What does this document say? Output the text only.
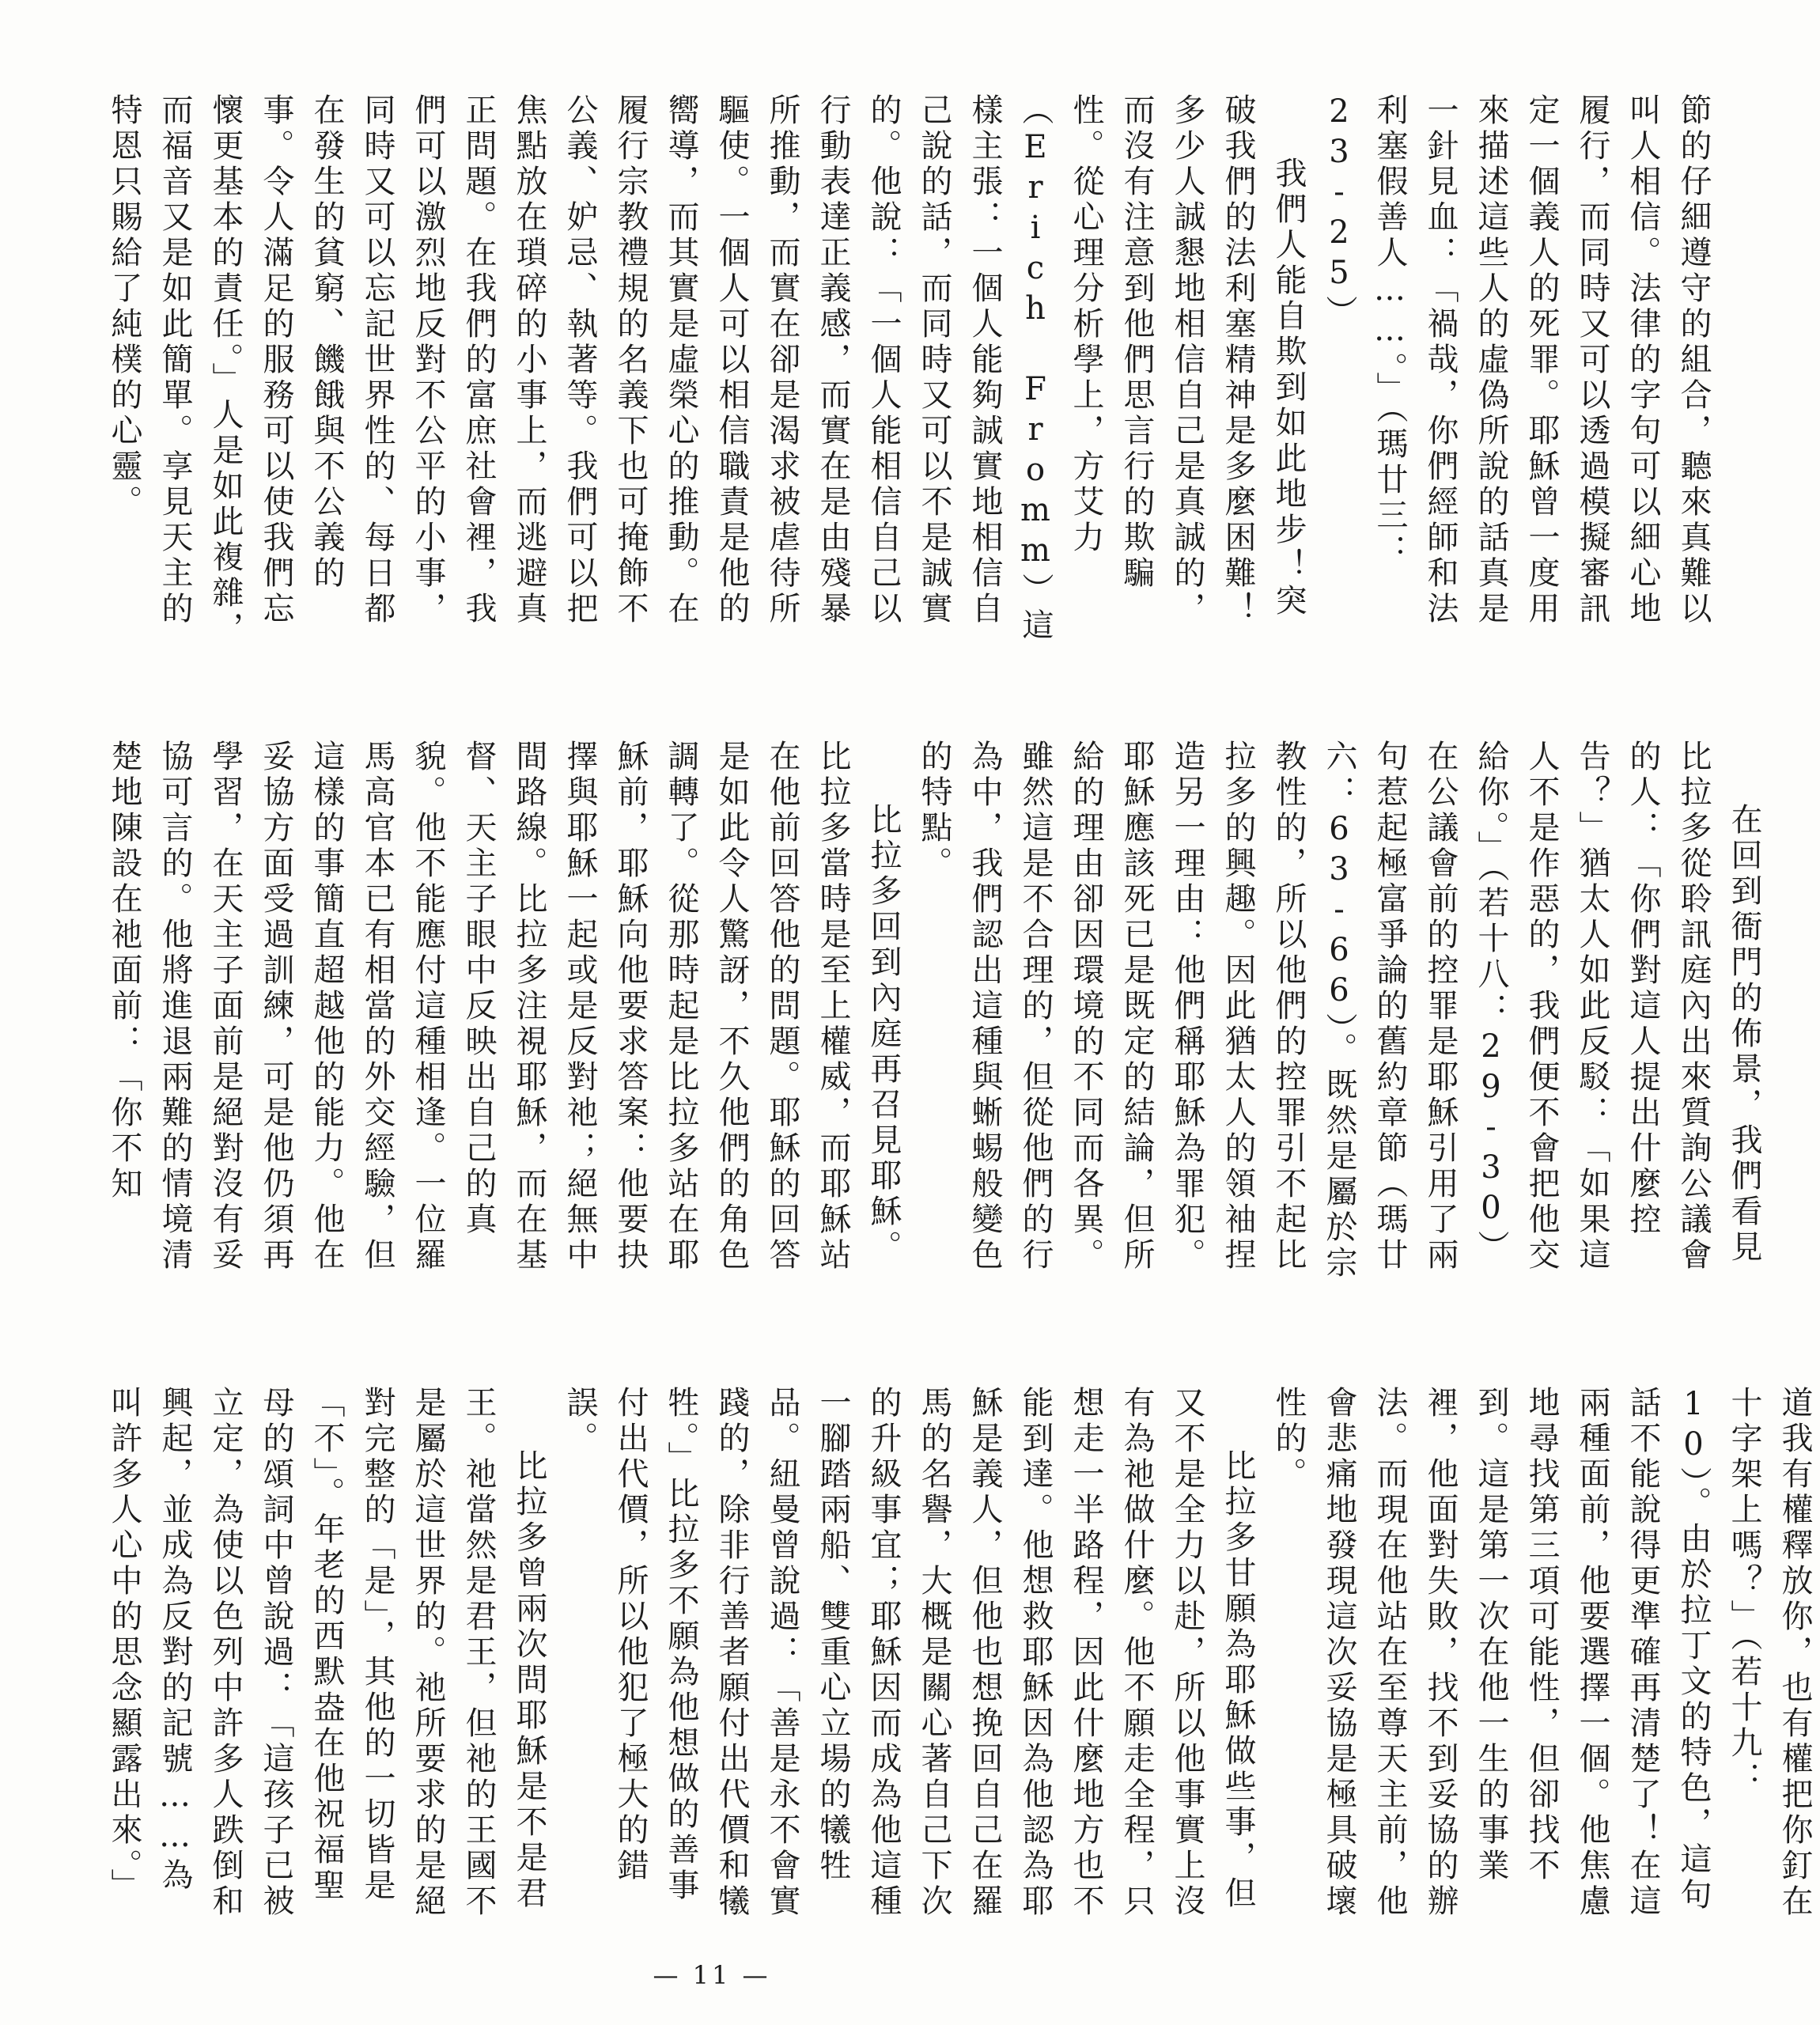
節的仔細遵守的組合，聽來真難以叫人相信。法律的字句可以細心地履行，而同時又可以透過模擬審訊定一個義人的死罪。耶穌曾一度用來描述這些人的虛偽所說的話真是一針見血：「禍哉，你們經師和法利塞假善人……。」（瑪廿三：23-25）

我們人能自欺到如此地步！突破我們的法利塞精神是多麼困難！多少人誠懇地相信自己是真誠的，而沒有注意到他們思言行的欺騙性。從心理分析學上，方艾力（Erich Fromm）這樣主張：一個人能夠誠實地相信自己說的話，而同時又可以不是誠實的。他說：「一個人能相信自己以行動表達正義感，而實在是由殘暴所推動，而實在卻是渴求被虐待所驅使。一個人可以相信職責是他的嚮導，而其實是虛榮心的推動。在履行宗教禮規的名義下也可掩飾不公義、妒忌、執著等。我們可以把焦點放在瑣碎的小事上，而逃避真正問題。在我們的富庶社會裡，我們可以激烈地反對不公平的小事，同時又可以忘記世界性的、每日都在發生的貧窮、饑餓與不公義的事。令人滿足的服務可以使我們忘懷更基本的責任。」人是如此複雜，而福音又是如此簡單。享見天主的特恩只賜給了純樸的心靈。

在回到衙門的佈景，我們看見比拉多從聆訊庭內出來質詢公議會的人：「你們對這人提出什麼控告？」猶太人如此反駁：「如果這人不是作惡的，我們便不會把他交給你。」（若十八：29-30）在公議會前的控罪是耶穌引用了兩句惹起極富爭論的舊約章節（瑪廿六：63-66）。既然是屬於宗教性的，所以他們的控罪引不起比拉多的興趣。因此猶太人的領袖捏造另一理由：他們稱耶穌為罪犯。耶穌應該死已是既定的結論，但所給的理由卻因環境的不同而各異。雖然這是不合理的，但從他們的行為中，我們認出這種與蜥蜴般變色的特點。

比拉多回到內庭再召見耶穌。比拉多當時是至上權威，而耶穌站在他前回答他的問題。耶穌的回答是如此令人驚訝，不久他們的角色調轉了。從那時起是比拉多站在耶穌前，耶穌向他要求答案：他要抉擇與耶穌一起或是反對祂；絕無中間路線。比拉多注視耶穌，而在基督、天主子眼中反映出自己的真貌。他不能應付這種相逢。一位羅馬高官本已有相當的外交經驗，但這樣的事簡直超越他的能力。他在妥協方面受過訓練，可是他仍須再學習，在天主子面前是絕對沒有妥協可言的。他將進退兩難的情境清楚地陳設在祂面前：「你不知

道我有權釋放你，也有權把你釘在十字架上嗎？」（若十九：10）。由於拉丁文的特色，這句話不能說得更準確再清楚了！在這兩種面前，他要選擇一個。他焦慮地尋找第三項可能性，但卻找不到。這是第一次在他一生的事業裡，他面對失敗，找不到妥協的辦法。而現在他站在至尊天主前，他會悲痛地發現這次妥協是極具破壞性的。

比拉多甘願為耶穌做些事，但又不是全力以赴，所以他事實上沒有為祂做什麼。他不願走全程，只想走一半路程，因此什麼地方也不能到達。他想救耶穌因為他認為耶穌是義人，但他也想挽回自己在羅馬的名譽，大概是關心著自己下次的升級事宜；耶穌因而成為他這種一腳踏兩船、雙重心立場的犧牲品。紐曼曾說過：「善是永不會實踐的，除非行善者願付出代價和犧牲。」比拉多不願為他想做的善事付出代價，所以他犯了極大的錯誤。

比拉多曾兩次問耶穌是不是君王。祂當然是君王，但祂的王國不是屬於這世界的。祂所要求的是絕對完整的「是」，其他的一切皆是「不」。年老的西默盎在他祝福聖母的頌詞中曾說過：「這孩子已被立定，為使以色列中許多人跌倒和興起，並成為反對的記號……為叫許多人心中的思念顯露出來。」

— 11 —
